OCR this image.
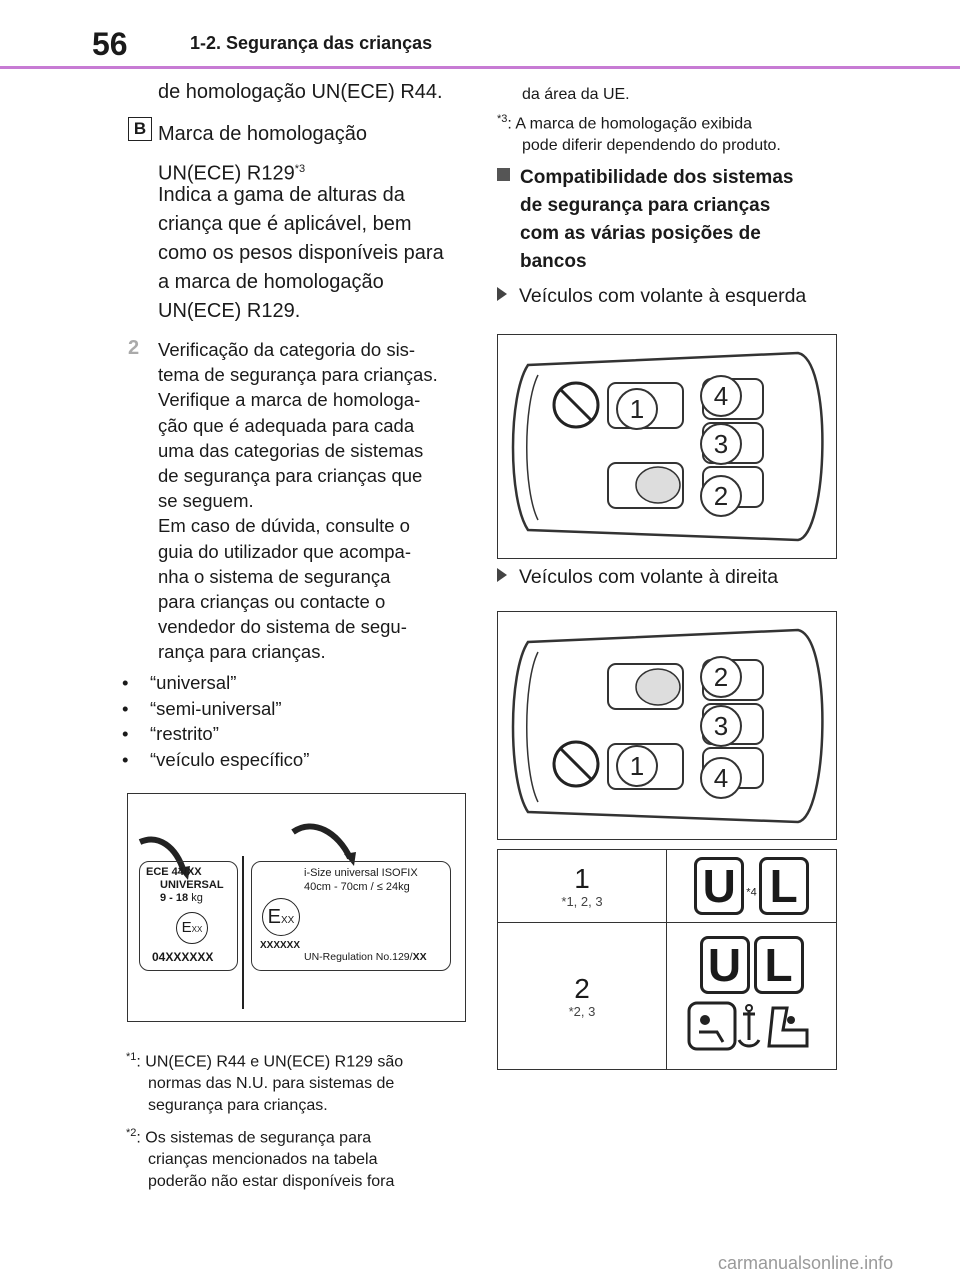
56	1-2. Segurança das crianças
de homologação UN(ECE) R44.
B Marca de homologação
UN(ECE) R129$^{*3}$
Indica a gama de alturas da
criança que é aplicável, bem
como os pesos disponíveis para
a marca de homologação
UN(ECE) R129.
2 Verificação da categoria do sis-
tema de segurança para crianças.
Verifique a marca de homologa-
ção que é adequada para cada
uma das categorias de sistemas
de segurança para crianças que
se seguem.
Em caso de dúvida, consulte o
guia do utilizador que acompa-
nha o sistema de segurança
para crianças ou contacte o
vendedor do sistema de segu-
rança para crianças.
• “universal”
• “semi-universal”
• “restrito”
• “veículo específico”
ECE 44/XX
UNIVERSAL
9 - 18 kg
EXX
04XXXXXX
i-Size universal ISOFIX
40cm - 70cm / ≤ 24kg
EXX
XXXXXX
UN-Regulation No.129/XX
$^{*1}$: UN(ECE) R44 e UN(ECE) R129 são
normas das N.U. para sistemas de
segurança para crianças.
$^{*2}$: Os sistemas de segurança para
crianças mencionados na tabela
poderão não estar disponíveis fora
da área da UE.
$^{*3}$: A marca de homologação exibida
pode diferir dependendo do produto.
Compatibilidade dos sistemas
de segurança para crianças
com as várias posições de
bancos
Veículos com volante à esquerda
1	4
3
2
Veículos com volante à direita
2
3
1	4
1
*1, 2, 3	U $^{*4}$ L

2
*2, 3	U L
carmanualsonline.info
